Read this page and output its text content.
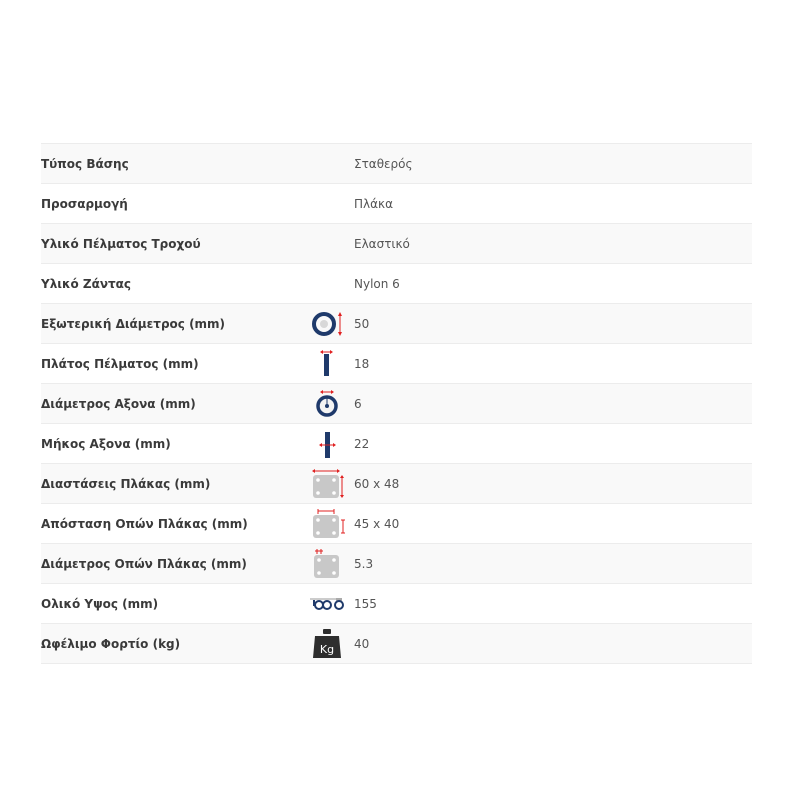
Τύπος Βάσης	Σταθερός
Προσαρμογή	Πλάκα
Υλικό Πέλματος Τροχού	Ελαστικό
Υλικό Ζάντας	Nylon 6
Εξωτερική Διάμετρος (mm)	50
Πλάτος Πέλματος (mm)	18
Διάμετρος Αξονα (mm)	6
Μήκος Αξονα (mm)	22
Διαστάσεις Πλάκας (mm)	60 x 48
Απόσταση Οπών Πλάκας (mm)	45 x 40
Διάμετρος Οπών Πλάκας (mm)	5.3
Ολικό Υψος (mm)	155
Ωφέλιμο Φορτίο (kg)	Kg 40
